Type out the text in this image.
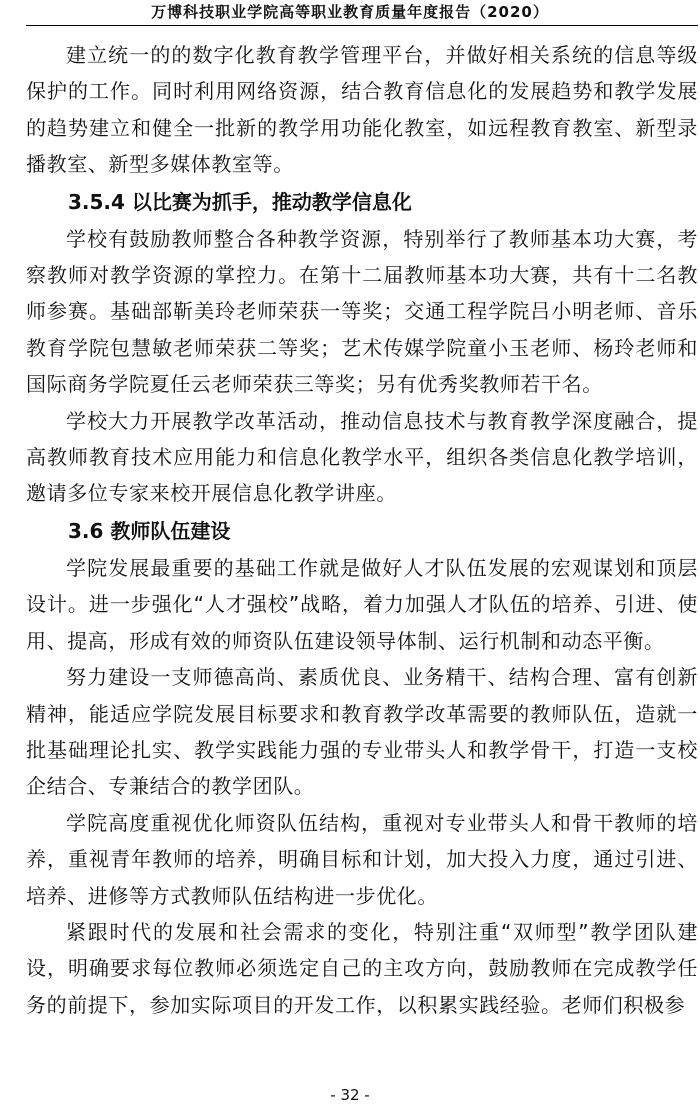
万博科技职业学院高等职业教育质量年度报告（2020）

建立统一的的数字化教育教学管理平台，并做好相关系统的信息等级保护的工作。同时利用网络资源，结合教育信息化的发展趋势和教学发展的趋势建立和健全一批新的教学用功能化教室，如远程教育教室、新型录播教室、新型多媒体教室等。

3.5.4 以比赛为抓手，推动教学信息化

学校有鼓励教师整合各种教学资源，特别举行了教师基本功大赛，考察教师对教学资源的掌控力。在第十二届教师基本功大赛，共有十二名教师参赛。基础部靳美玲老师荣获一等奖；交通工程学院吕小明老师、音乐教育学院包慧敏老师荣获二等奖；艺术传媒学院童小玉老师、杨玲老师和国际商务学院夏任云老师荣获三等奖；另有优秀奖教师若干名。

学校大力开展教学改革活动，推动信息技术与教育教学深度融合，提高教师教育技术应用能力和信息化教学水平，组织各类信息化教学培训，邀请多位专家来校开展信息化教学讲座。

3.6 教师队伍建设

学院发展最重要的基础工作就是做好人才队伍发展的宏观谋划和顶层设计。进一步强化“人才强校”战略，着力加强人才队伍的培养、引进、使用、提高，形成有效的师资队伍建设领导体制、运行机制和动态平衡。

努力建设一支师德高尚、素质优良、业务精干、结构合理、富有创新精神，能适应学院发展目标要求和教育教学改革需要的教师队伍，造就一批基础理论扎实、教学实践能力强的专业带头人和教学骨干，打造一支校企结合、专兼结合的教学团队。

学院高度重视优化师资队伍结构，重视对专业带头人和骨干教师的培养，重视青年教师的培养，明确目标和计划，加大投入力度，通过引进、培养、进修等方式教师队伍结构进一步优化。

紧跟时代的发展和社会需求的变化，特别注重“双师型”教学团队建设，明确要求每位教师必须选定自己的主攻方向，鼓励教师在完成教学任务的前提下，参加实际项目的开发工作，以积累实践经验。老师们积极参

- 32 -
